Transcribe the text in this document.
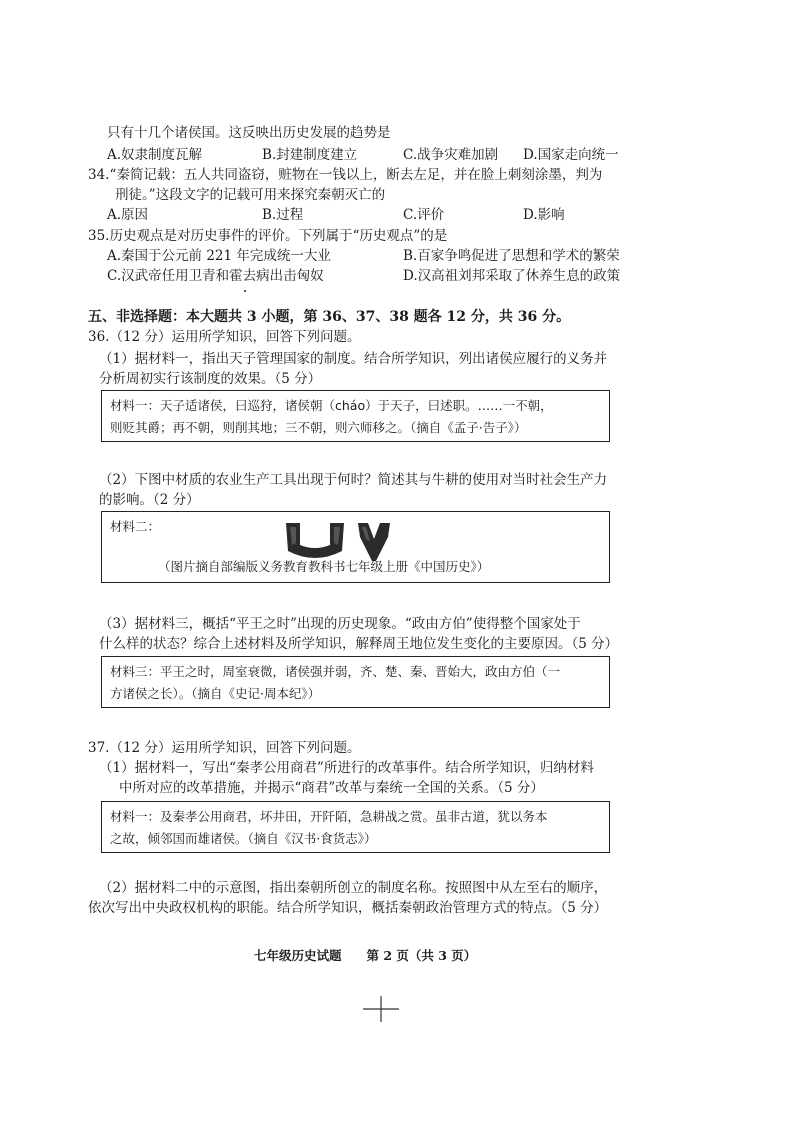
只有十几个诸侯国。这反映出历史发展的趋势是
A.奴隶制度瓦解	B.封建制度建立	C.战争灾难加剧 D.国家走向统一
34.“秦简记载：五人共同盗窃，赃物在一钱以上，断去左足，并在脸上刺刻涂墨，判为
刑徒。”这段文字的记载可用来探究秦朝灭亡的
A.原因	B.过程	C.评价	D.影响
35.历史观点是对历史事件的评价。下列属于“历史观点”的是
A.秦国于公元前 221 年完成统一大业	B.百家争鸣促进了思想和学术的繁荣
C.汉武帝任用卫青和霍去病出击匈奴	D.汉高祖刘邦采取了休养生息的政策
五、非选择题：本大题共 3 小题，第 36、37、38 题各 12 分，共 36 分。
36.（12 分）运用所学知识，回答下列问题。
（1）据材料一，指出天子管理国家的制度。结合所学知识，列出诸侯应履行的义务并
分析周初实行该制度的效果。（5 分）
材料一：天子适诸侯，曰巡狩，诸侯朝（cháo）于天子，曰述职。……一不朝，
则贬其爵；再不朝，则削其地；三不朝，则六师移之。（摘自《孟子·告子》）
（2）下图中材质的农业生产工具出现于何时？简述其与牛耕的使用对当时社会生产力
的影响。（2 分）
材料二：
（图片摘自部编版义务教育教科书七年级上册《中国历史》）
（3）据材料三，概括“平王之时”出现的历史现象。“政由方伯”使得整个国家处于
什么样的状态？综合上述材料及所学知识，解释周王地位发生变化的主要原因。（5 分）
材料三：平王之时，周室衰微，诸侯强并弱，齐、楚、秦、晋始大，政由方伯（一
方诸侯之长）。（摘自《史记·周本纪》）
37.（12 分）运用所学知识，回答下列问题。
（1）据材料一，写出“秦孝公用商君”所进行的改革事件。结合所学知识，归纳材料
中所对应的改革措施，并揭示“商君”改革与秦统一全国的关系。（5 分）
材料一：及秦孝公用商君，坏井田，开阡陌，急耕战之赏。虽非古道，犹以务本
之故，倾邻国而雄诸侯。（摘自《汉书·食货志》）
（2）据材料二中的示意图，指出秦朝所创立的制度名称。按照图中从左至右的顺序，
依次写出中央政权机构的职能。结合所学知识，概括秦朝政治管理方式的特点。（5 分）
七年级历史试题　　第 2 页（共 3 页）
